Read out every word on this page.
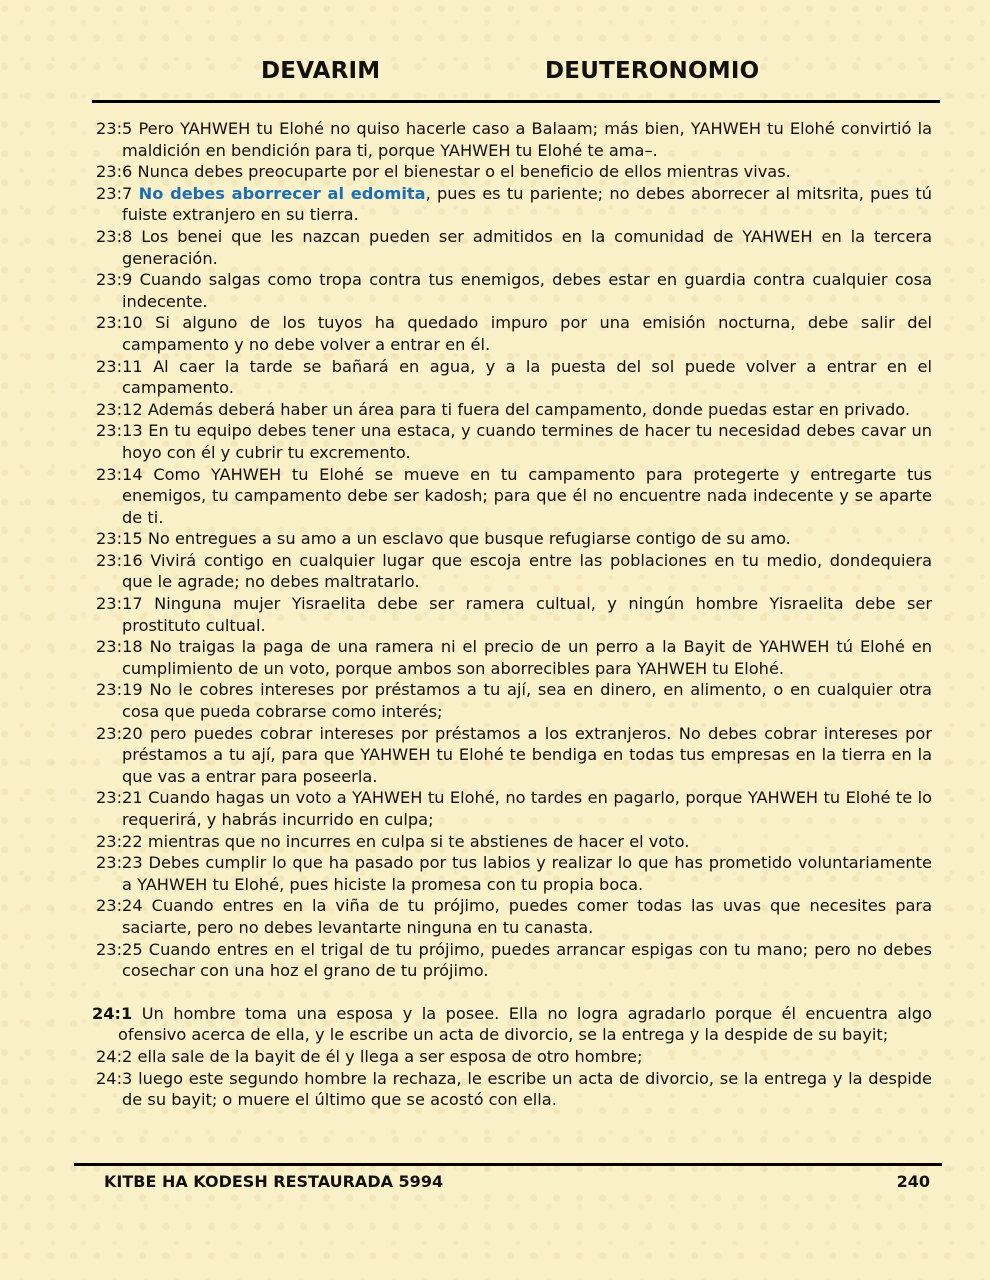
DEVARIM	DEUTERONOMIO

23:5 Pero YAHWEH tu Elohé no quiso hacerle caso a Balaam; más bien, YAHWEH tu Elohé convirtió la maldición en bendición para ti, porque YAHWEH tu Elohé te ama–.

23:6 Nunca debes preocuparte por el bienestar o el beneficio de ellos mientras vivas.

23:7 No debes aborrecer al edomita, pues es tu pariente; no debes aborrecer al mitsrita, pues tú fuiste extranjero en su tierra.

23:8 Los benei que les nazcan pueden ser admitidos en la comunidad de YAHWEH en la tercera generación.

23:9 Cuando salgas como tropa contra tus enemigos, debes estar en guardia contra cualquier cosa indecente.

23:10 Si alguno de los tuyos ha quedado impuro por una emisión nocturna, debe salir del campamento y no debe volver a entrar en él.

23:11 Al caer la tarde se bañará en agua, y a la puesta del sol puede volver a entrar en el campamento.

23:12 Además deberá haber un área para ti fuera del campamento, donde puedas estar en privado.

23:13 En tu equipo debes tener una estaca, y cuando termines de hacer tu necesidad debes cavar un hoyo con él y cubrir tu excremento.

23:14 Como YAHWEH tu Elohé se mueve en tu campamento para protegerte y entregarte tus enemigos, tu campamento debe ser kadosh; para que él no encuentre nada indecente y se aparte de ti.

23:15 No entregues a su amo a un esclavo que busque refugiarse contigo de su amo.

23:16 Vivirá contigo en cualquier lugar que escoja entre las poblaciones en tu medio, dondequiera que le agrade; no debes maltratarlo.

23:17 Ninguna mujer Yisraelita debe ser ramera cultual, y ningún hombre Yisraelita debe ser prostituto cultual.

23:18 No traigas la paga de una ramera ni el precio de un perro a la Bayit de YAHWEH tú Elohé en cumplimiento de un voto, porque ambos son aborrecibles para YAHWEH tu Elohé.

23:19 No le cobres intereses por préstamos a tu ají, sea en dinero, en alimento, o en cualquier otra cosa que pueda cobrarse como interés;

23:20 pero puedes cobrar intereses por préstamos a los extranjeros. No debes cobrar intereses por préstamos a tu ají, para que YAHWEH tu Elohé te bendiga en todas tus empresas en la tierra en la que vas a entrar para poseerla.

23:21 Cuando hagas un voto a YAHWEH tu Elohé, no tardes en pagarlo, porque YAHWEH tu Elohé te lo requerirá, y habrás incurrido en culpa;

23:22 mientras que no incurres en culpa si te abstienes de hacer el voto.

23:23 Debes cumplir lo que ha pasado por tus labios y realizar lo que has prometido voluntariamente a YAHWEH tu Elohé, pues hiciste la promesa con tu propia boca.

23:24 Cuando entres en la viña de tu prójimo, puedes comer todas las uvas que necesites para saciarte, pero no debes levantarte ninguna en tu canasta.

23:25 Cuando entres en el trigal de tu prójimo, puedes arrancar espigas con tu mano; pero no debes cosechar con una hoz el grano de tu prójimo.

24:1 Un hombre toma una esposa y la posee. Ella no logra agradarlo porque él encuentra algo ofensivo acerca de ella, y le escribe un acta de divorcio, se la entrega y la despide de su bayit;

24:2 ella sale de la bayit de él y llega a ser esposa de otro hombre;

24:3 luego este segundo hombre la rechaza, le escribe un acta de divorcio, se la entrega y la despide de su bayit; o muere el último que se acostó con ella.

KITBE HA KODESH RESTAURADA 5994	240
